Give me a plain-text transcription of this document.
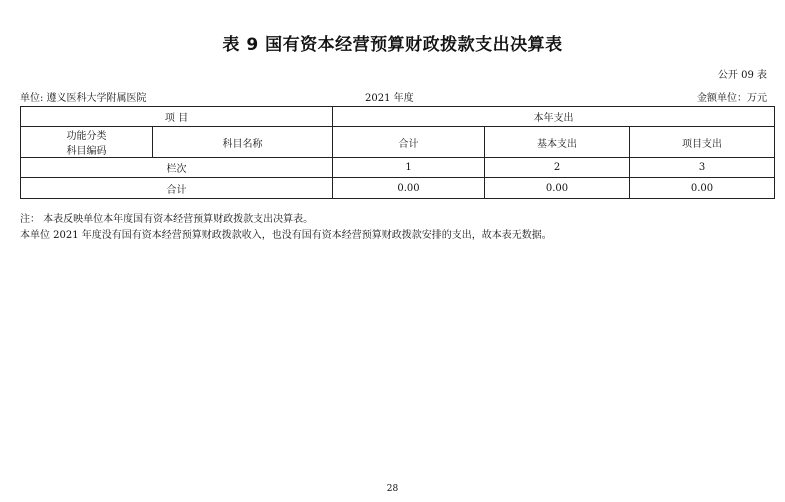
表 9 国有资本经营预算财政拨款支出决算表
公开 09 表
单位: 遵义医科大学附属医院	2021 年度	金额单位：万元
项 目		本年支出		

功能分类
科目编码	科目名称	合计	基本支出	项目支出
栏次		1	2	3
合计		0.00	0.00	0.00
注： 本表反映单位本年度国有资本经营预算财政拨款支出决算表。
本单位 2021 年度没有国有资本经营预算财政拨款收入，也没有国有资本经营预算财政拨款安排的支出，故本表无数据。
28
